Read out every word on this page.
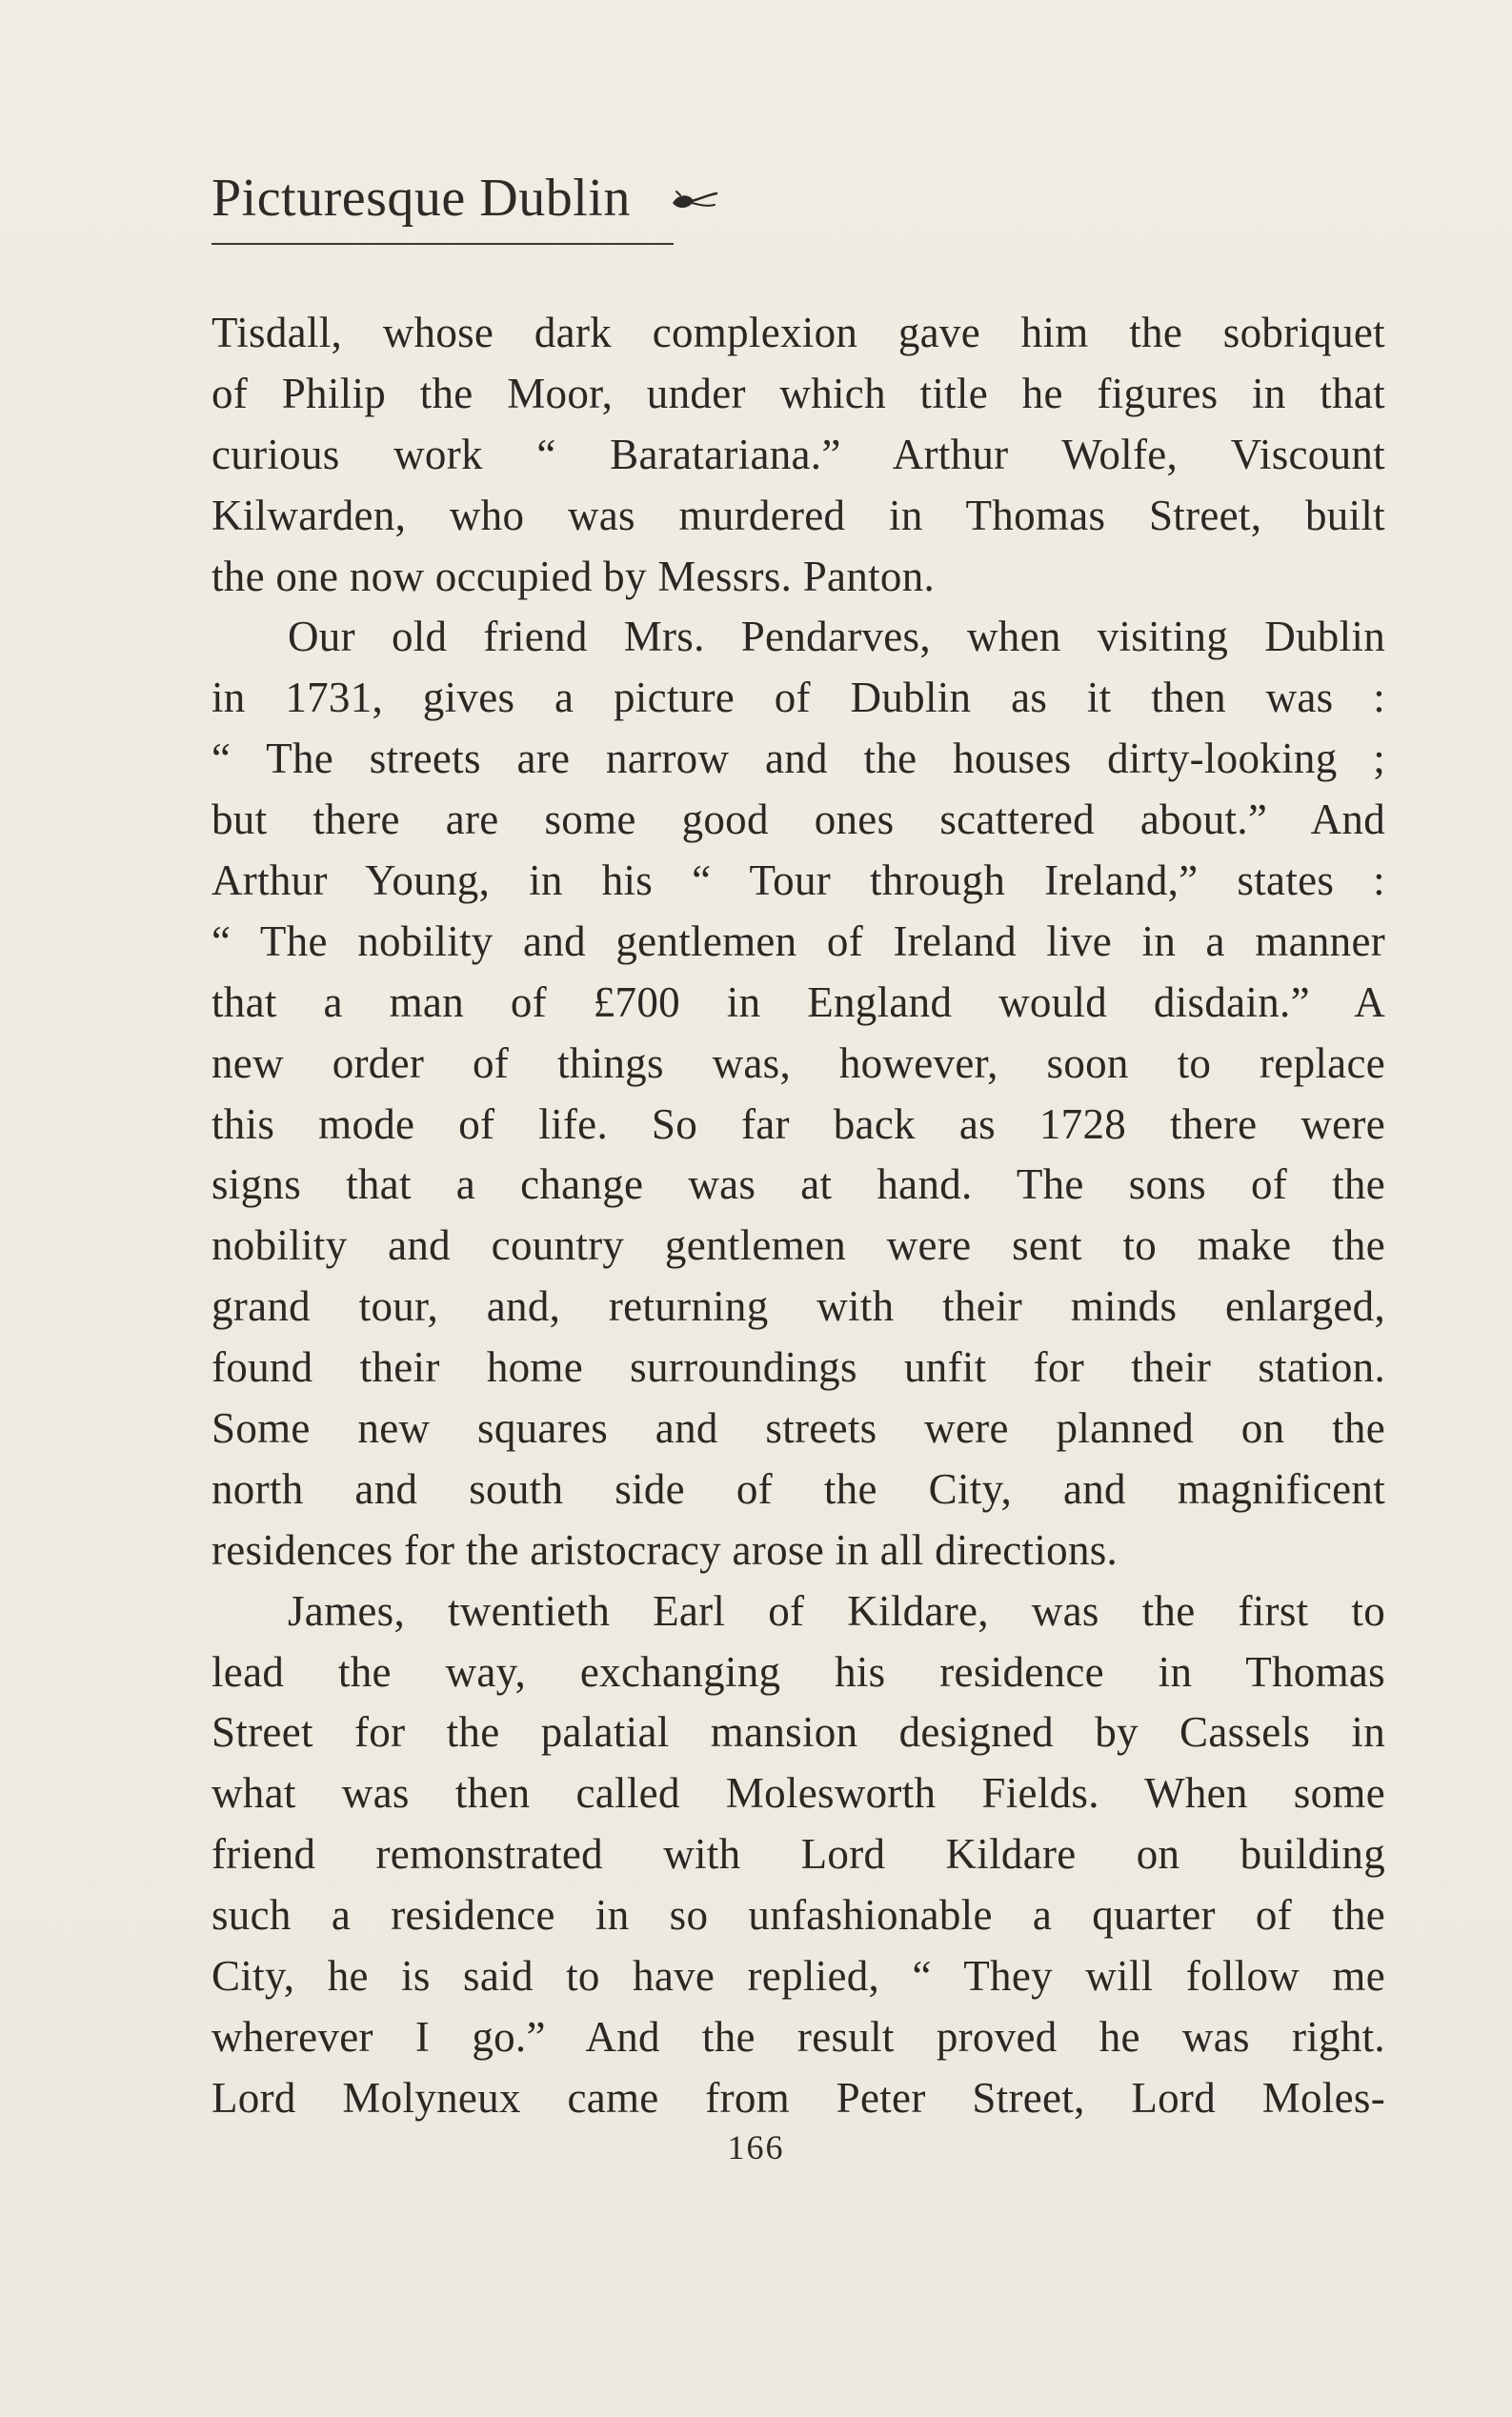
Picturesque Dublin
Tisdall, whose dark complexion gave him the sobriquet
of Philip the Moor, under which title he figures in that
curious work “ Baratariana.” Arthur Wolfe, Viscount
Kilwarden, who was murdered in Thomas Street, built
the one now occupied by Messrs. Panton.
Our old friend Mrs. Pendarves, when visiting Dublin
in 1731, gives a picture of Dublin as it then was :
“ The streets are narrow and the houses dirty-looking ;
but there are some good ones scattered about.” And
Arthur Young, in his “ Tour through Ireland,” states :
“ The nobility and gentlemen of Ireland live in a manner
that a man of £700 in England would disdain.” A
new order of things was, however, soon to replace
this mode of life. So far back as 1728 there were
signs that a change was at hand. The sons of the
nobility and country gentlemen were sent to make the
grand tour, and, returning with their minds enlarged,
found their home surroundings unfit for their station.
Some new squares and streets were planned on the
north and south side of the City, and magnificent
residences for the aristocracy arose in all directions.
James, twentieth Earl of Kildare, was the first to
lead the way, exchanging his residence in Thomas
Street for the palatial mansion designed by Cassels in
what was then called Molesworth Fields. When some
friend remonstrated with Lord Kildare on building
such a residence in so unfashionable a quarter of the
City, he is said to have replied, “ They will follow me
wherever I go.” And the result proved he was right.
Lord Molyneux came from Peter Street, Lord Moles-
166
